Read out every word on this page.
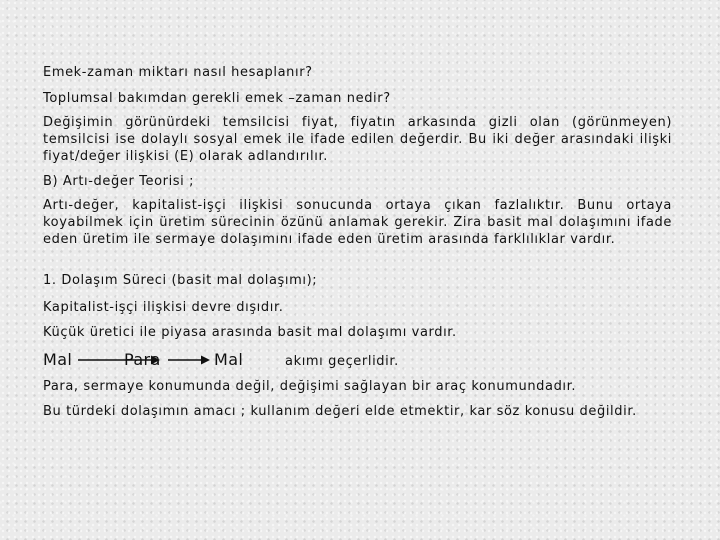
Emek-zaman miktarı nasıl hesaplanır?

Toplumsal bakımdan gerekli emek –zaman nedir?

Değişimin görünürdeki temsilcisi fiyat, fiyatın arkasında gizli olan (görünmeyen) temsilcisi ise dolaylı sosyal emek ile ifade edilen değerdir. Bu iki değer arasındaki ilişki fiyat/değer ilişkisi (E) olarak adlandırılır.

B) Artı-değer Teorisi ;

Artı-değer, kapitalist-işçi ilişkisi sonucunda ortaya çıkan fazlalıktır. Bunu ortaya koyabilmek için üretim sürecinin özünü anlamak gerekir. Zira basit mal dolaşımını ifade eden üretim ile sermaye dolaşımını ifade eden üretim arasında farklılıklar vardır.

1. Dolaşım Süreci (basit mal dolaşımı);

Kapitalist-işçi ilişkisi devre dışıdır.

Küçük üretici ile piyasa arasında basit mal dolaşımı vardır.

Mal	Para	Mal	akımı geçerlidir.

Para, sermaye konumunda değil, değişimi sağlayan bir araç konumundadır.

Bu türdeki dolaşımın amacı ; kullanım değeri elde etmektir, kar söz konusu değildir.
